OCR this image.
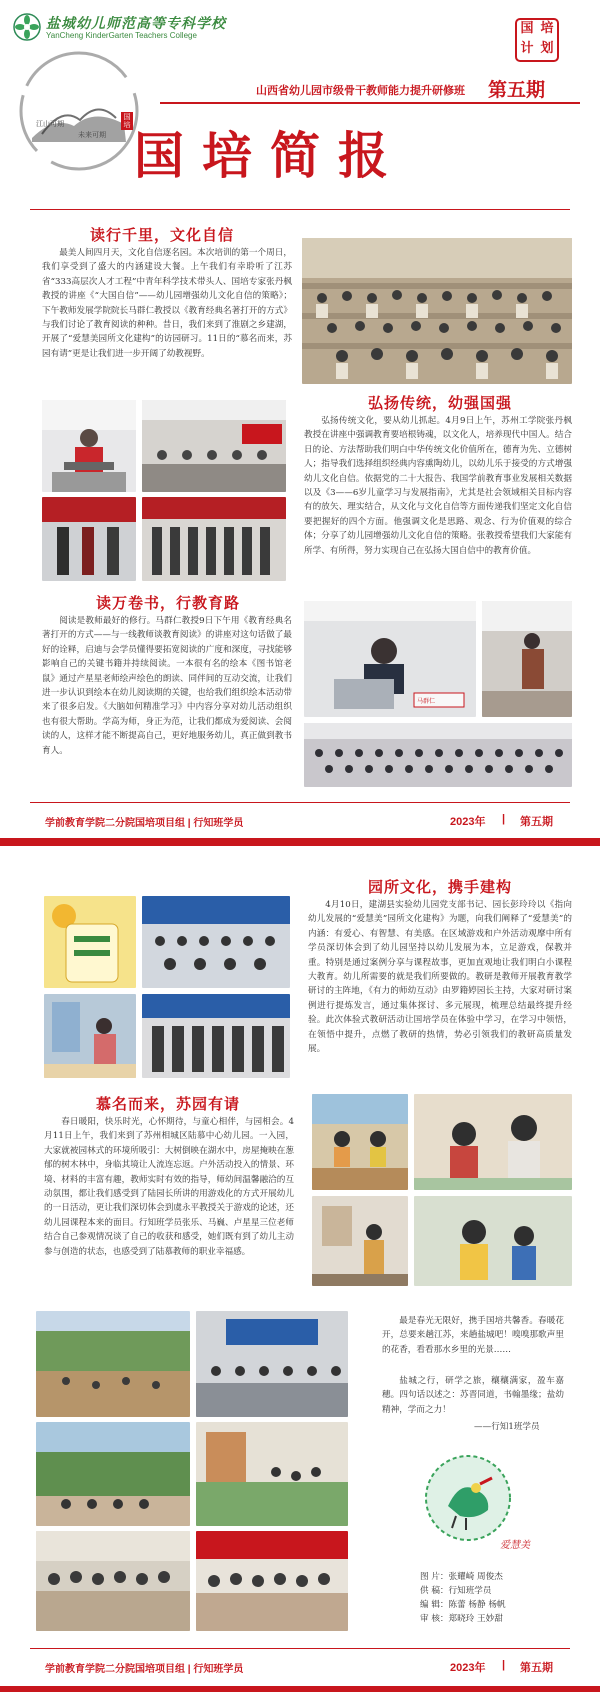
盐城幼儿师范高等专科学校
YanCheng KinderGarten Teachers College	国 培
计 划
江山可期
未来可期
国培
山西省幼儿园市级骨干教师能力提升研修班 第五期
国培简报
读行千里，文化自信

最美人间四月天，文化自信逐名园。本次培训的第一个周日，我们享受到了盛大的内涵建设大餐。上午我们有幸聆听了江苏省“333高层次人才工程”中青年科学技术带头人、国培专家张丹枫教授的讲座《“大国自信”——幼儿园增强幼儿文化自信的策略》；下午教师发展学院院长马群仁教授以《教育经典名著打开的方式》与我们讨论了教育阅读的种种。昔日，我们来到了淮剧之乡建湖，开展了“爱慧美园所文化建构”的访园研习。11日的“慕名而来，苏园有请”更是让我们进一步开阔了幼教视野。

弘扬传统，幼强国强

弘扬传统文化，要从幼儿抓起。4月9日上午，苏州工学院张丹枫教授在讲座中强调教育要培根铸魂，以文化人，培养现代中国人。结合日的论、方法帮助我们明白中华传统文化价值所在，德育为先、立德树人；指导我们选择组织经典内容熏陶幼儿，以幼儿乐于接受的方式增强幼儿文化自信。依据党的二十大报告、我国学前教育事业发展相关数据以及《3——6岁儿童学习与发展指南》，尤其是社会领域相关目标内容有的放矢、理实结合，从文化与文化自信等方面传递我们坚定文化自信要把握好的四个方面。他强调文化是思路、观念、行为价值观的综合体；分享了幼儿园增强幼儿文化自信的策略。张教授希望我们大家能有所学、有所得，努力实现自己在弘扬大国自信中的教育价值。

读万卷书，行教育路

阅读是教师最好的修行。马群仁教授9日下午用《教育经典名著打开的方式——与一线教师谈教育阅读》的讲座对这句话做了最好的诠释，启迪与会学员懂得要拓宽阅读的广度和深度，寻找能够影响自己的关键书籍并持续阅读。一本很有名的绘本《图书馆老鼠》通过产星星老师绘声绘色的朗读、同伴间的互动交流，让我们进一步认识到绘本在幼儿阅读期的关键，也给我们组织绘本活动带来了很多启发。《大脑如何精准学习》中内容分享对幼儿活动组织也有很大帮助。学高为师，身正为范，让我们都成为爱阅读、会阅读的人，这样才能不断提高自己，更好地服务幼儿，真正做到教书育人。

马群仁
学前教育学院二分院国培项目组 | 行知班学员	2023年 | 第五期
园所文化，携手建构

4月10日，建湖县实验幼儿园党支部书记、园长彭玲玲以《指向幼儿发展的“爱慧美”园所文化建构》为题，向我们阐释了“爱慧美”的内涵：有爱心、有智慧、有美感。在区域游戏和户外活动观摩中所有学员深切体会到了幼儿园坚持以幼儿发展为本，立足游戏，保教并重。特别是通过案例分享与课程故事，更加直观地让我们明白小课程大教育。幼儿所需要的就是我们所要做的。教研是教师开展教育教学研讨的主阵地，《有力的师幼互动》由罗籍婷园长主持，大家对研讨案例进行提炼发言，通过集体探讨、多元展现，梳理总结最终提升经验。此次体验式教研活动让国培学员在体验中学习，在学习中领悟，在领悟中提升，点燃了教研的热情，势必引领我们的教研高质量发展。

慕名而来，苏园有请

春日暖阳，快乐时光，心怀期待，与童心相伴，与园相会。4月11日上午，我们来到了苏州相城区陆慕中心幼儿园。一入园，大家就被园林式的环境所吸引：大树倒映在湖水中，房屋掩映在葱郁的树木林中，身临其境让人流连忘返。户外活动投入的情景、环境、材料的丰富有趣，教师实时有效的指导，师幼间温馨融洽的互动氛围，都让我们感受到了陆园长所讲的用游戏化的方式开展幼儿的一日活动，更让我们深切体会到虞永平教授关于游戏的论述，还幼儿园课程本来的面目。行知班学员张乐、马巍、卢星星三位老师结合自己参观情况谈了自己的收获和感受，她们既有到了幼儿主动参与创造的状态，也感受到了陆慕教师的职业幸福感。

最是春光无限好，携手国培共馨香。春暖花开，总要来趟江苏，来趟盐城吧！嗅嗅那歌声里的花香，看看那水乡里的光景……

盐城之行，研学之旅，穰穰满家，盈车嘉穗。四句话以述之：苏晋同道，书翰墨缘；盐幼精神，学而之力！

——行知1班学员
爱慧美
图 片：张耀崎 周俊杰
供 稿：行知班学员
编 辑：陈蕾 杨静 杨帆
审 核：郑晓玲 王妙甜
学前教育学院二分院国培项目组 | 行知班学员	2023年 | 第五期
